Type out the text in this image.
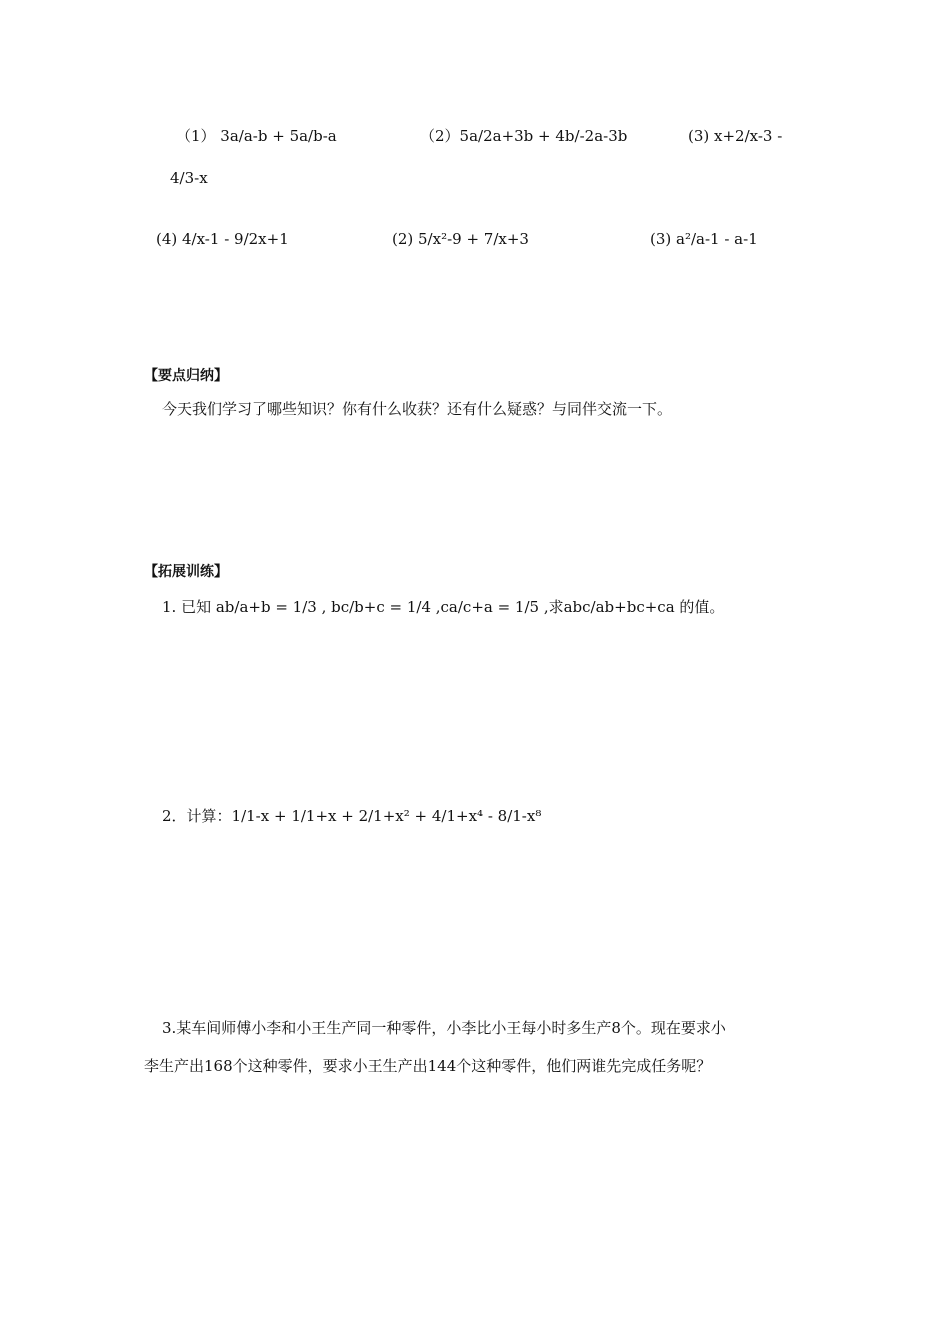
（1） 3a/a-b + 5a/b-a	（2）5a/2a+3b + 4b/-2a-3b	(3) x+2/x-3 -
4/3-x
(4) 4/x-1 - 9/2x+1	(2) 5/x²-9 + 7/x+3	(3) a²/a-1 - a-1
【要点归纳】
今天我们学习了哪些知识？你有什么收获？还有什么疑惑？与同伴交流一下。
【拓展训练】
1. 已知 ab/a+b = 1/3 , bc/b+c = 1/4 ,ca/c+a = 1/5 ,求abc/ab+bc+ca 的值。
2．计算：1/1-x + 1/1+x + 2/1+x² + 4/1+x⁴ - 8/1-x⁸
3.某车间师傅小李和小王生产同一种零件，小李比小王每小时多生产8个。现在要求小
李生产出168个这种零件，要求小王生产出144个这种零件，他们两谁先完成任务呢？
